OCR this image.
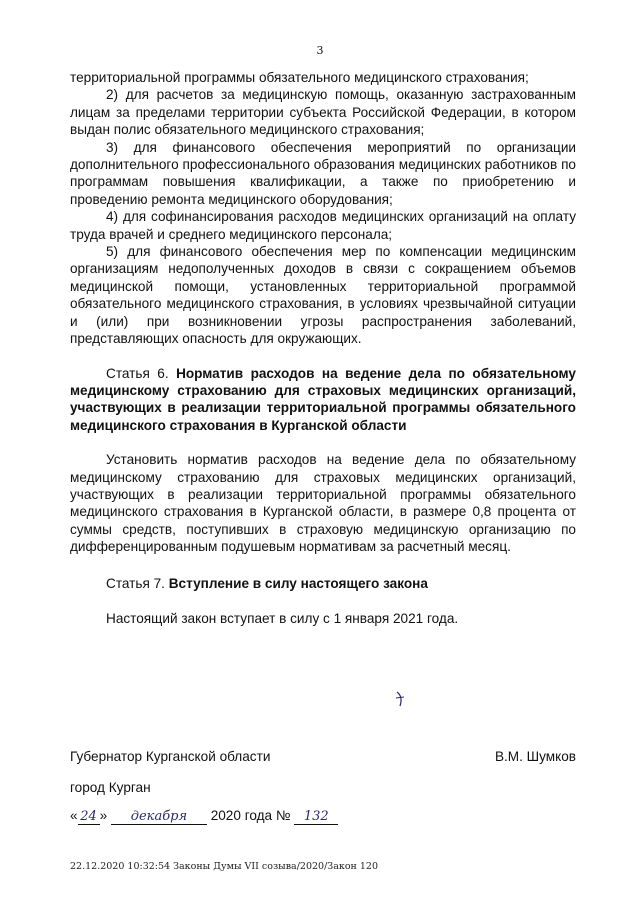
3

территориальной программы обязательного медицинского страхования;

2) для расчетов за медицинскую помощь, оказанную застрахованным лицам за пределами территории субъекта Российской Федерации, в котором выдан полис обязательного медицинского страхования;

3) для финансового обеспечения мероприятий по организации дополнительного профессионального образования медицинских работников по программам повышения квалификации, а также по приобретению и проведению ремонта медицинского оборудования;

4) для софинансирования расходов медицинских организаций на оплату труда врачей и среднего медицинского персонала;

5) для финансового обеспечения мер по компенсации медицинским организациям недополученных доходов в связи с сокращением объемов медицинской помощи, установленных территориальной программой обязательного медицинского страхования, в условиях чрезвычайной ситуации и (или) при возникновении угрозы распространения заболеваний, представляющих опасность для окружающих.

Статья 6. Норматив расходов на ведение дела по обязательному медицинскому страхованию для страховых медицинских организаций, участвующих в реализации территориальной программы обязательного медицинского страхования в Курганской области

Установить норматив расходов на ведение дела по обязательному медицинскому страхованию для страховых медицинских организаций, участвующих в реализации территориальной программы обязательного медицинского страхования в Курганской области, в размере 0,8 процента от суммы средств, поступивших в страховую медицинскую организацию по дифференцированным подушевым нормативам за расчетный месяц.

Статья 7. Вступление в силу настоящего закона

Настоящий закон вступает в силу с 1 января 2021 года.

Губернатор Курганской области	В.М. Шумков
город Курган
« 24 » декабря 2020 года № 132
22.12.2020 10:32:54 Законы Думы VII созыва/2020/Закон 120
